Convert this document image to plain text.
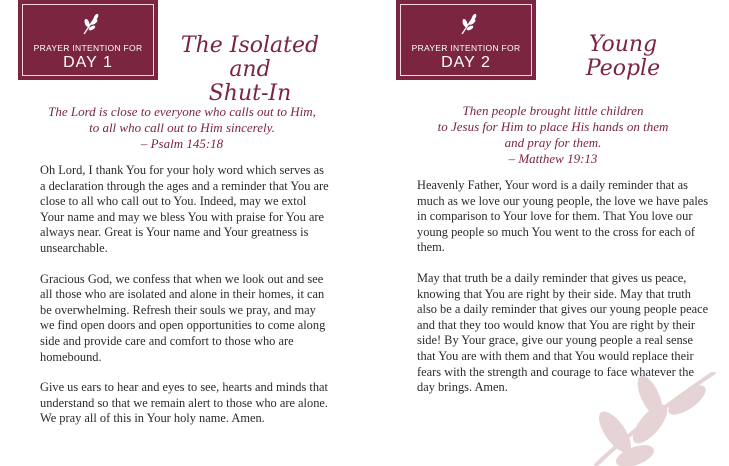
PRAYER INTENTION FOR
DAY 1
The Isolated and
Shut-In
The Lord is close to everyone who calls out to Him,
to all who call out to Him sincerely.
– Psalm 145:18

Oh Lord, I thank You for your holy word which serves as a declaration through the ages and a reminder that You are close to all who call out to You. Indeed, may we extol Your name and may we bless You with praise for You are always near. Great is Your name and Your greatness is unsearchable.

Gracious God, we confess that when we look out and see all those who are isolated and alone in their homes, it can be overwhelming. Refresh their souls we pray, and may we find open doors and open opportunities to come along side and provide care and comfort to those who are homebound.

Give us ears to hear and eyes to see, hearts and minds that understand so that we remain alert to those who are alone. We pray all of this in Your holy name. Amen.

PRAYER INTENTION FOR
DAY 2
Young People
Then people brought little children
to Jesus for Him to place His hands on them
and pray for them.
– Matthew 19:13

Heavenly Father, Your word is a daily reminder that as much as we love our young people, the love we have pales in comparison to Your love for them. That You love our young people so much You went to the cross for each of them.

May that truth be a daily reminder that gives us peace, knowing that You are right by their side. May that truth also be a daily reminder that gives our young people peace and that they too would know that You are right by their side! By Your grace, give our young people a real sense that You are with them and that You would replace their fears with the strength and courage to face whatever the day brings. Amen.
